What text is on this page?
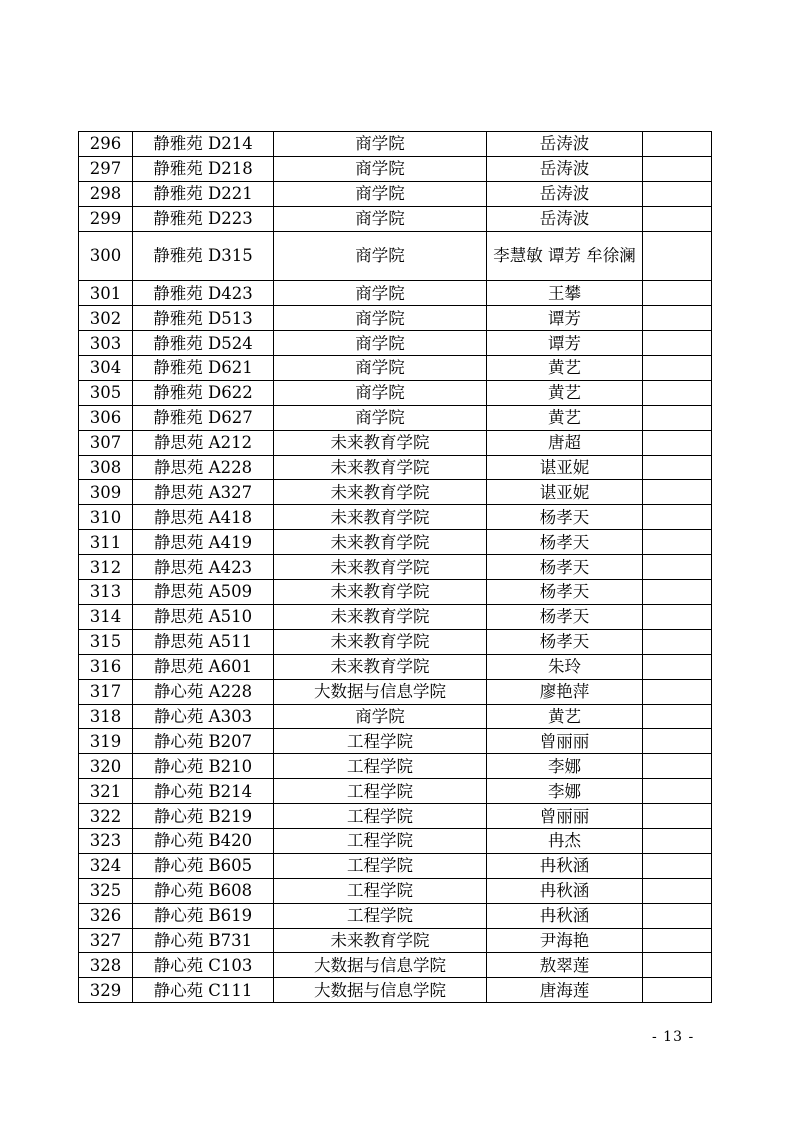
296	静雅苑 D214	商学院	岳涛波	
297	静雅苑 D218	商学院	岳涛波	
298	静雅苑 D221	商学院	岳涛波	
299	静雅苑 D223	商学院	岳涛波	
300	静雅苑 D315	商学院	李慧敏 谭芳 牟徐澜	
301	静雅苑 D423	商学院	王攀	
302	静雅苑 D513	商学院	谭芳	
303	静雅苑 D524	商学院	谭芳	
304	静雅苑 D621	商学院	黄艺	
305	静雅苑 D622	商学院	黄艺	
306	静雅苑 D627	商学院	黄艺	
307	静思苑 A212	未来教育学院	唐超	
308	静思苑 A228	未来教育学院	谌亚妮	
309	静思苑 A327	未来教育学院	谌亚妮	
310	静思苑 A418	未来教育学院	杨孝天	
311	静思苑 A419	未来教育学院	杨孝天	
312	静思苑 A423	未来教育学院	杨孝天	
313	静思苑 A509	未来教育学院	杨孝天	
314	静思苑 A510	未来教育学院	杨孝天	
315	静思苑 A511	未来教育学院	杨孝天	
316	静思苑 A601	未来教育学院	朱玲	
317	静心苑 A228	大数据与信息学院	廖艳萍	
318	静心苑 A303	商学院	黄艺	
319	静心苑 B207	工程学院	曾丽丽	
320	静心苑 B210	工程学院	李娜	
321	静心苑 B214	工程学院	李娜	
322	静心苑 B219	工程学院	曾丽丽	
323	静心苑 B420	工程学院	冉杰	
324	静心苑 B605	工程学院	冉秋涵	
325	静心苑 B608	工程学院	冉秋涵	
326	静心苑 B619	工程学院	冉秋涵	
327	静心苑 B731	未来教育学院	尹海艳	
328	静心苑 C103	大数据与信息学院	敖翠莲	
329	静心苑 C111	大数据与信息学院	唐海莲	
- 13 -
